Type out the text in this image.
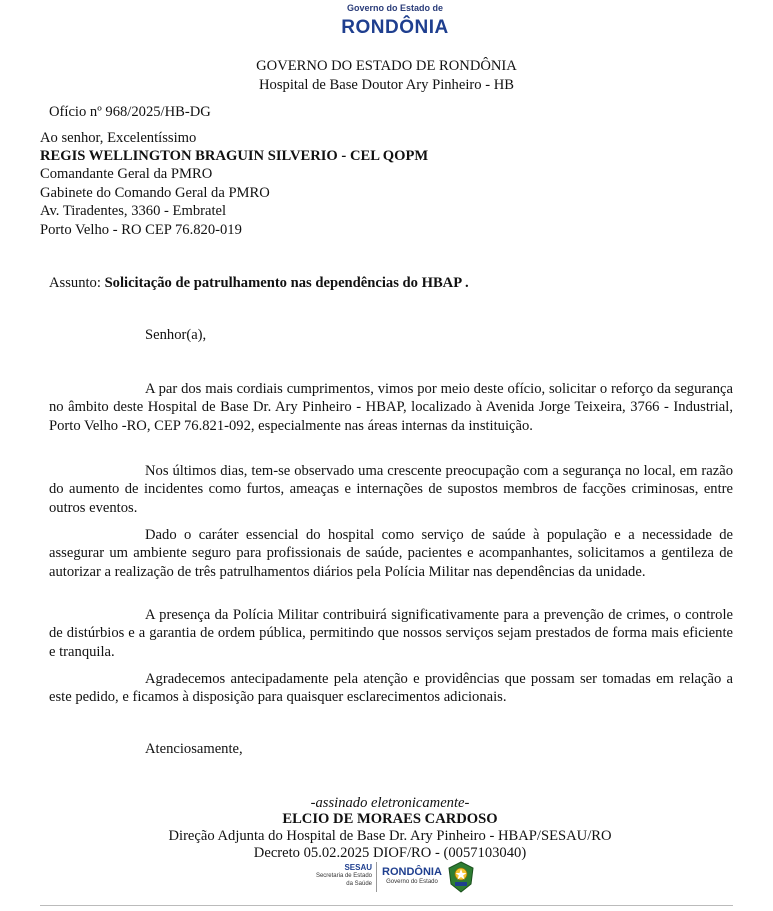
Governo do Estado de
RONDÔNIA
GOVERNO DO ESTADO DE RONDÔNIA
Hospital de Base Doutor Ary Pinheiro - HB
Ofício nº 968/2025/HB-DG
Ao senhor, Excelentíssimo
REGIS WELLINGTON BRAGUIN SILVERIO - CEL QOPM
Comandante Geral da PMRO
Gabinete do Comando Geral da PMRO
Av. Tiradentes, 3360 - Embratel
Porto Velho - RO CEP 76.820-019
Assunto: Solicitação de patrulhamento nas dependências do HBAP .
Senhor(a),
A par dos mais cordiais cumprimentos, vimos por meio deste ofício, solicitar o reforço da segurança no âmbito deste Hospital de Base Dr. Ary Pinheiro - HBAP, localizado à Avenida Jorge Teixeira, 3766 - Industrial, Porto Velho -RO, CEP 76.821-092, especialmente nas áreas internas da instituição.
Nos últimos dias, tem-se observado uma crescente preocupação com a segurança no local, em razão do aumento de incidentes como furtos, ameaças e internações de supostos membros de facções criminosas, entre outros eventos.
Dado o caráter essencial do hospital como serviço de saúde à população e a necessidade de assegurar um ambiente seguro para profissionais de saúde, pacientes e acompanhantes, solicitamos a gentileza de autorizar a realização de três patrulhamentos diários pela Polícia Militar nas dependências da unidade.
A presença da Polícia Militar contribuirá significativamente para a prevenção de crimes, o controle de distúrbios e a garantia de ordem pública, permitindo que nossos serviços sejam prestados de forma mais eficiente e tranquila.
Agradecemos antecipadamente pela atenção e providências que possam ser tomadas em relação a este pedido, e ficamos à disposição para quaisquer esclarecimentos adicionais.
Atenciosamente,
-assinado eletronicamente-
ELCIO DE MORAES CARDOSO
Direção Adjunta do Hospital de Base Dr. Ary Pinheiro - HBAP/SESAU/RO
Decreto 05.02.2025 DIOF/RO - (0057103040)
SESAU
Secretaria de Estado
da Saúde
RONDÔNIA
Governo do Estado
